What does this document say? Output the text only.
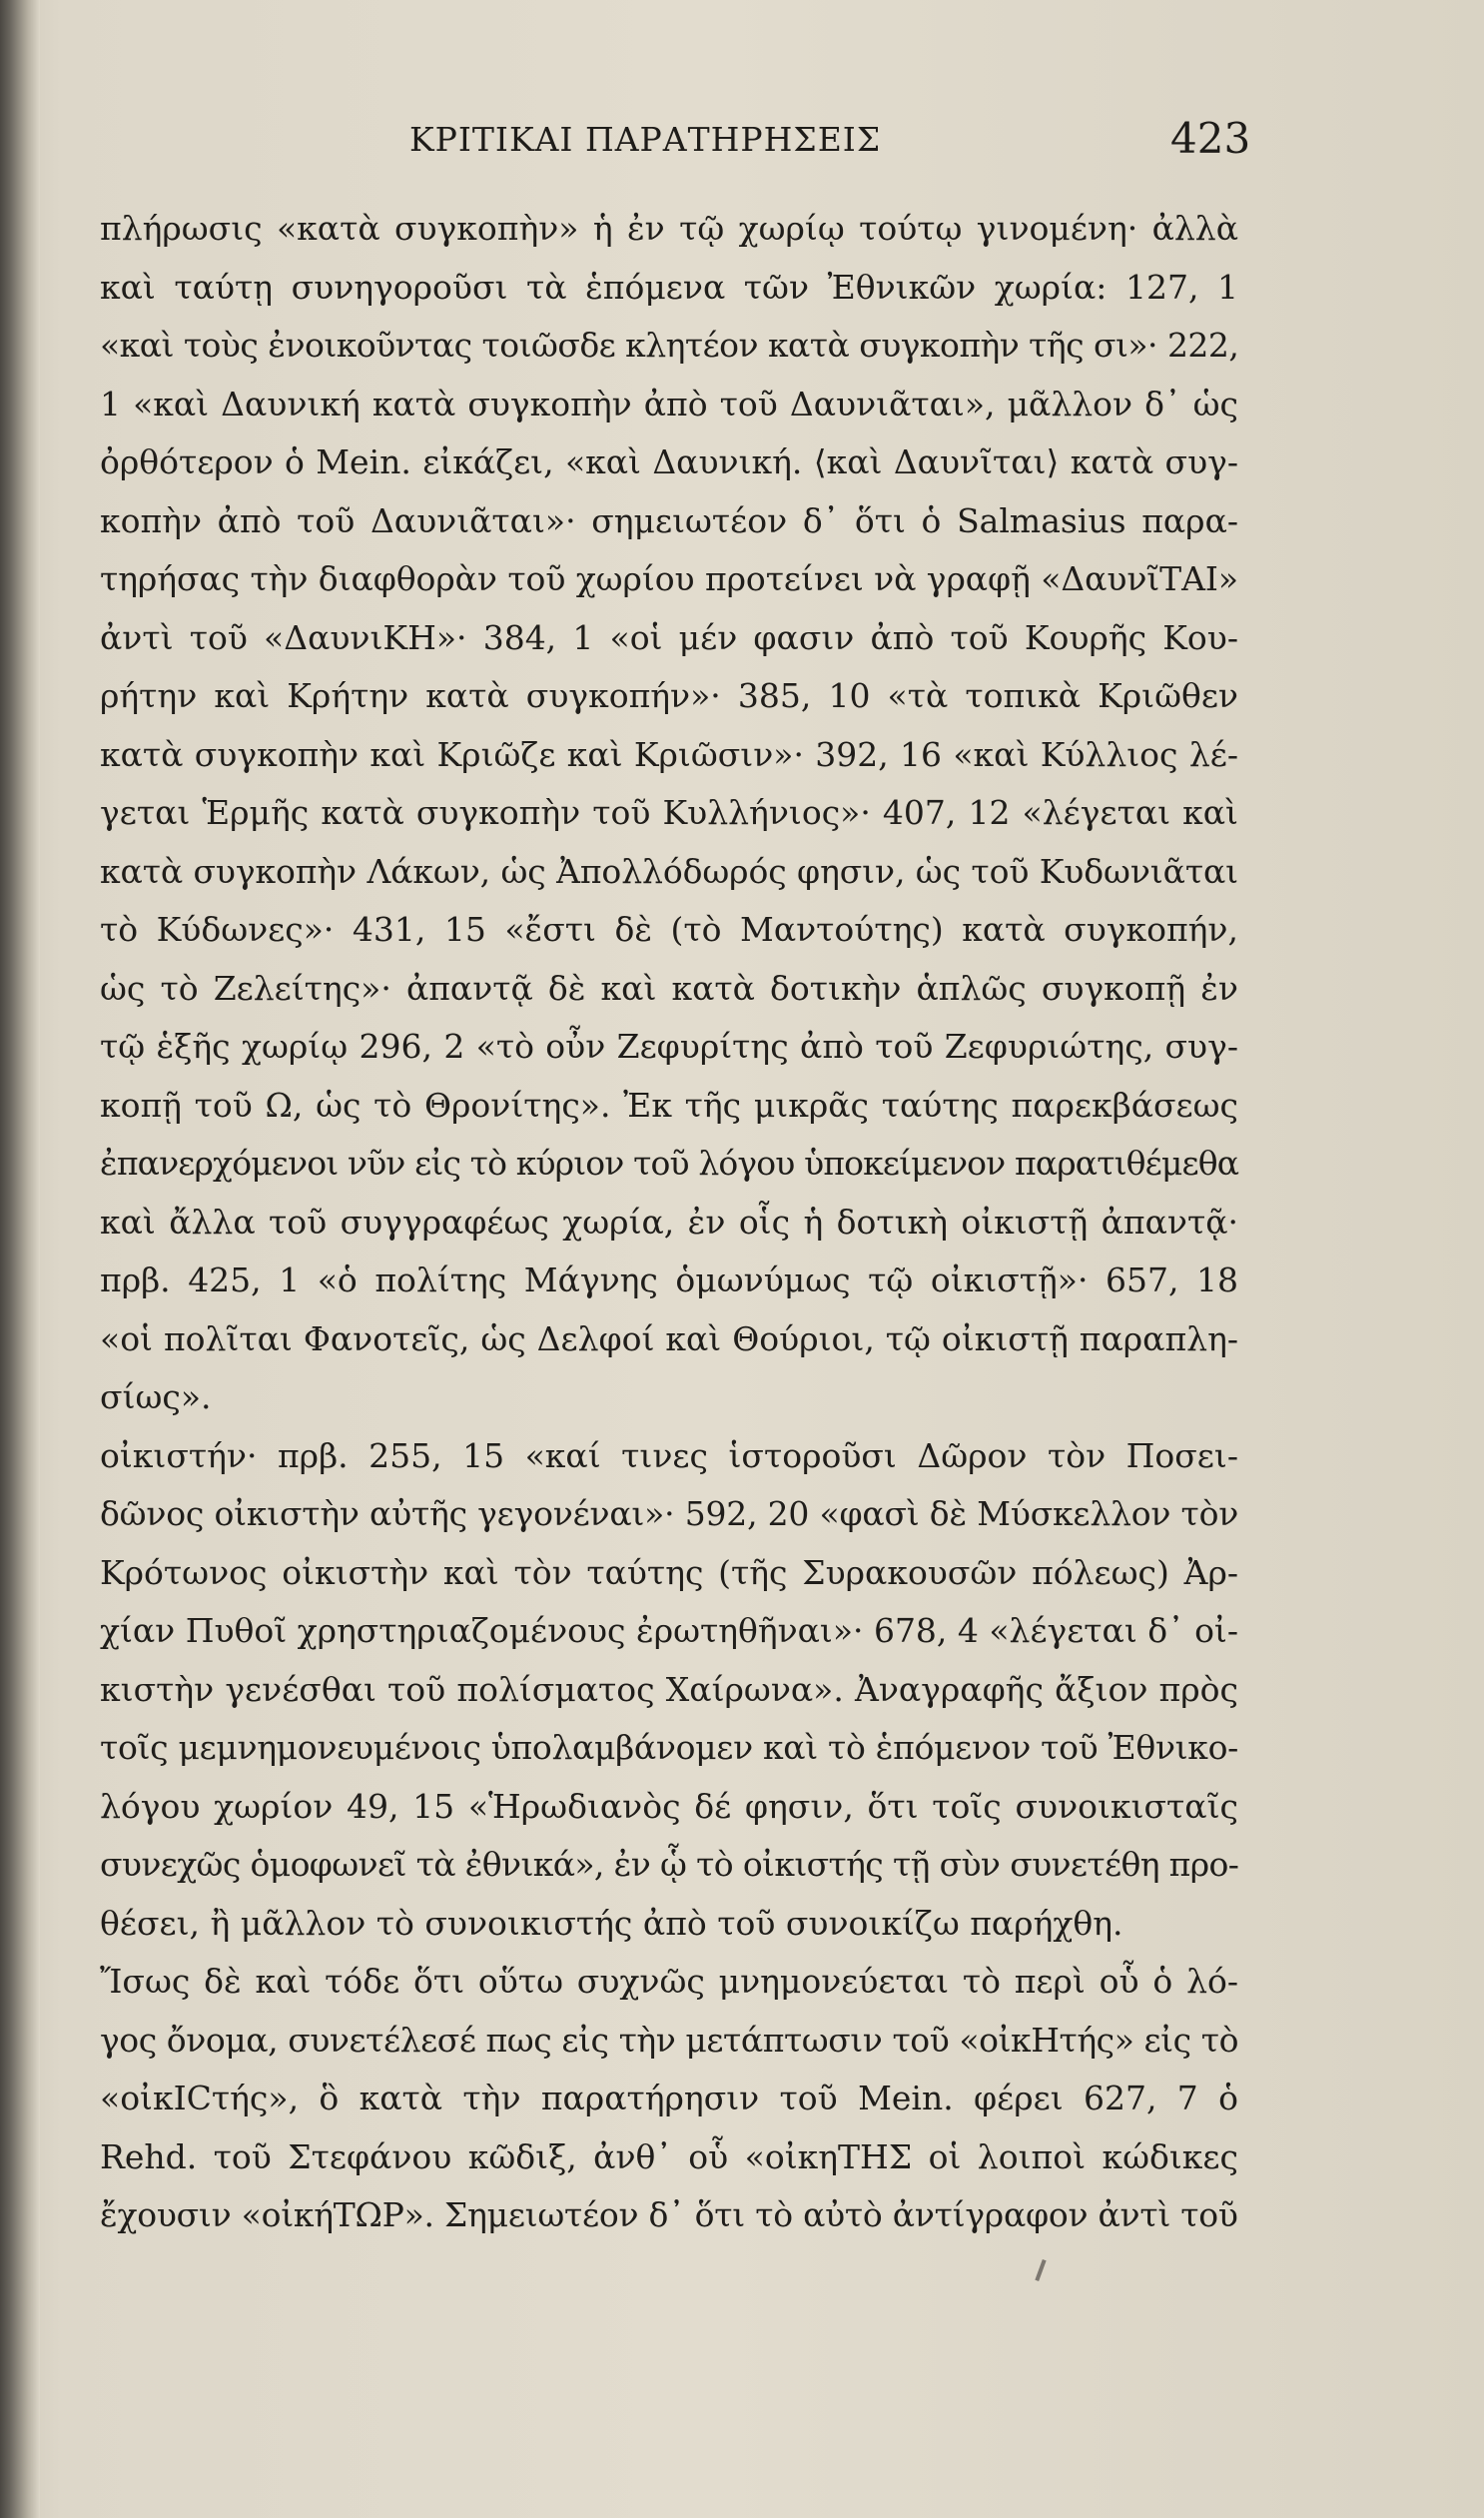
ΚΡΙΤΙΚΑΙ ΠΑΡΑΤΗΡΗΣΕΙΣ	423
πλήρωσις «κατὰ συγκοπὴν» ἡ ἐν τῷ χωρίῳ τούτῳ γινομένη· ἀλλὰ
καὶ ταύτῃ συνηγοροῦσι τὰ ἑπόμενα τῶν Ἐθνικῶν χωρία: 127, 1
«καὶ τοὺς ἐνοικοῦντας τοιῶσδε κλητέον κατὰ συγκοπὴν τῆς σι»· 222,
1 «καὶ Δαυνική κατὰ συγκοπὴν ἀπὸ τοῦ Δαυνιᾶται», μᾶλλον δ᾽ ὡς
ὀρθότερον ὁ Mein. εἰκάζει, «καὶ Δαυνική. ⟨καὶ Δαυνῖται⟩ κατὰ συγ-
κοπὴν ἀπὸ τοῦ Δαυνιᾶται»· σημειωτέον δ᾽ ὅτι ὁ Salmasius παρα-
τηρήσας τὴν διαφθορὰν τοῦ χωρίου προτείνει νὰ γραφῇ «ΔαυνῖΤΑΙ»
ἀντὶ τοῦ «ΔαυνιΚΗ»· 384, 1 «οἱ μέν φασιν ἀπὸ τοῦ Κουρῆς Κου-
ρήτην καὶ Κρήτην κατὰ συγκοπήν»· 385, 10 «τὰ τοπικὰ Κριῶθεν
κατὰ συγκοπὴν καὶ Κριῶζε καὶ Κριῶσιν»· 392, 16 «καὶ Κύλλιος λέ-
γεται Ἑρμῆς κατὰ συγκοπὴν τοῦ Κυλλήνιος»· 407, 12 «λέγεται καὶ
κατὰ συγκοπὴν Λάκων, ὡς Ἀπολλόδωρός φησιν, ὡς τοῦ Κυδωνιᾶται
τὸ Κύδωνες»· 431, 15 «ἔστι δὲ (τὸ Μαντούτης) κατὰ συγκοπήν,
ὡς τὸ Ζελείτης»· ἀπαντᾷ δὲ καὶ κατὰ δοτικὴν ἁπλῶς συγκοπῇ ἐν
τῷ ἑξῆς χωρίῳ 296, 2 «τὸ οὖν Ζεφυρίτης ἀπὸ τοῦ Ζεφυριώτης, συγ-
κοπῇ τοῦ Ω, ὡς τὸ Θρονίτης». Ἐκ τῆς μικρᾶς ταύτης παρεκβάσεως
ἐπανερχόμενοι νῦν εἰς τὸ κύριον τοῦ λόγου ὑποκείμενον παρατιθέμεθα
καὶ ἄλλα τοῦ συγγραφέως χωρία, ἐν οἷς ἡ δοτικὴ οἰκιστῇ ἀπαντᾷ·
πρβ. 425, 1 «ὁ πολίτης Μάγνης ὁμωνύμως τῷ οἰκιστῇ»· 657, 18
«οἱ πολῖται Φανοτεῖς, ὡς Δελφοί καὶ Θούριοι, τῷ οἰκιστῇ παραπλη-
σίως».
οἰκιστήν· πρβ. 255, 15 «καί τινες ἱστοροῦσι Δῶρον τὸν Ποσει-
δῶνος οἰκιστὴν αὐτῆς γεγονέναι»· 592, 20 «φασὶ δὲ Μύσκελλον τὸν
Κρότωνος οἰκιστὴν καὶ τὸν ταύτης (τῆς Συρακουσῶν πόλεως) Ἀρ-
χίαν Πυθοῖ χρηστηριαζομένους ἐρωτηθῆναι»· 678, 4 «λέγεται δ᾽ οἰ-
κιστὴν γενέσθαι τοῦ πολίσματος Χαίρωνα». Ἀναγραφῆς ἄξιον πρὸς
τοῖς μεμνημονευμένοις ὑπολαμβάνομεν καὶ τὸ ἑπόμενον τοῦ Ἐθνικο-
λόγου χωρίον 49, 15 «Ἡρωδιανὸς δέ φησιν, ὅτι τοῖς συνοικισταῖς
συνεχῶς ὁμοφωνεῖ τὰ ἐθνικά», ἐν ᾧ τὸ οἰκιστής τῇ σὺν συνετέθη προ-
θέσει, ἢ μᾶλλον τὸ συνοικιστής ἀπὸ τοῦ συνοικίζω παρήχθη.
Ἴσως δὲ καὶ τόδε ὅτι οὕτω συχνῶς μνημονεύεται τὸ περὶ οὗ ὁ λό-
γος ὄνομα, συνετέλεσέ πως εἰς τὴν μετάπτωσιν τοῦ «οἰκΗτής» εἰς τὸ
«οἰκΙCτής», ὃ κατὰ τὴν παρατήρησιν τοῦ Mein. φέρει 627, 7 ὁ
Rehd. τοῦ Στεφάνου κῶδιξ, ἀνθ᾽ οὗ «οἰκηΤΗΣ οἱ λοιποὶ κώδικες
ἔχουσιν «οἰκήΤΩΡ». Σημειωτέον δ᾽ ὅτι τὸ αὐτὸ ἀντίγραφον ἀντὶ τοῦ
